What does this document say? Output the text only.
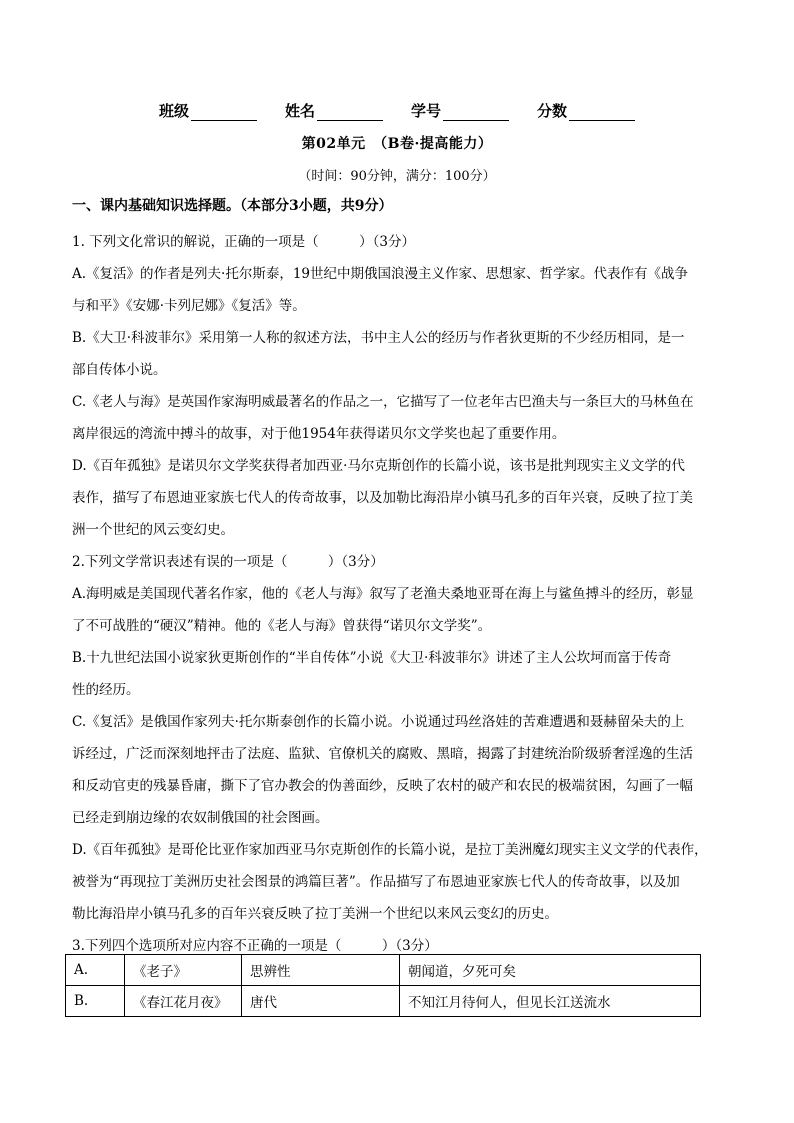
班级	姓名	学号	分数
第02单元　（B卷·提高能力）
（时间：90分钟，满分：100分）
一、课内基础知识选择题。（本部分3小题，共9分）

1. 下列文化常识的解说，正确的一项是（　　　）（3分）

A.《复活》的作者是列夫·托尔斯泰，19世纪中期俄国浪漫主义作家、思想家、哲学家。代表作有《战争

与和平》《安娜·卡列尼娜》《复活》等。

B.《大卫·科波菲尔》采用第一人称的叙述方法，书中主人公的经历与作者狄更斯的不少经历相同，是一

部自传体小说。

C.《老人与海》是英国作家海明威最著名的作品之一，它描写了一位老年古巴渔夫与一条巨大的马林鱼在

离岸很远的湾流中搏斗的故事，对于他1954年获得诺贝尔文学奖也起了重要作用。

D.《百年孤独》是诺贝尔文学奖获得者加西亚·马尔克斯创作的长篇小说，该书是批判现实主义文学的代

表作，描写了布恩迪亚家族七代人的传奇故事，以及加勒比海沿岸小镇马孔多的百年兴衰，反映了拉丁美

洲一个世纪的风云变幻史。

2.下列文学常识表述有误的一项是（　　　）（3分）

A.海明威是美国现代著名作家，他的《老人与海》叙写了老渔夫桑地亚哥在海上与鲨鱼搏斗的经历，彰显

了不可战胜的“硬汉”精神。他的《老人与海》曾获得“诺贝尔文学奖”。

B.十九世纪法国小说家狄更斯创作的“半自传体”小说《大卫·科波菲尔》讲述了主人公坎坷而富于传奇

性的经历。

C.《复活》是俄国作家列夫·托尔斯泰创作的长篇小说。小说通过玛丝洛娃的苦难遭遇和聂赫留朵夫的上

诉经过，广泛而深刻地抨击了法庭、监狱、官僚机关的腐败、黑暗，揭露了封建统治阶级骄奢淫逸的生活

和反动官吏的残暴昏庸，撕下了官办教会的伪善面纱，反映了农村的破产和农民的极端贫困，勾画了一幅

已经走到崩边缘的农奴制俄国的社会图画。

D.《百年孤独》是哥伦比亚作家加西亚马尔克斯创作的长篇小说，是拉丁美洲魔幻现实主义文学的代表作，

被誉为“再现拉丁美洲历史社会图景的鸿篇巨著”。作品描写了布恩迪亚家族七代人的传奇故事，以及加

勒比海沿岸小镇马孔多的百年兴衰反映了拉丁美洲一个世纪以来风云变幻的历史。

3.下列四个选项所对应内容不正确的一项是（　　　）（3分）

A.	《老子》	思辨性	朝闻道，夕死可矣
B.	《春江花月夜》	唐代	不知江月待何人，但见长江送流水
